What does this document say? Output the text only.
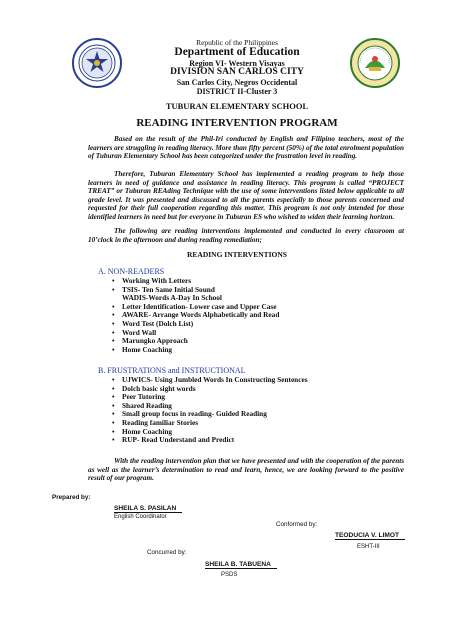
Republic of the Philippines
Department of Education
Region VI- Western Visayas
DIVISION SAN CARLOS CITY
San Carlos City, Negros Occidental
DISTRICT II-Cluster 3
TUBURAN ELEMENTARY SCHOOL
READING INTERVENTION PROGRAM
Based on the result of the Phil-Iri conducted by English and Filipino teachers, most of the learners are struggling in reading literacy. More than fifty percent (50%) of the total enrolment population of Tuburan Elementary School has been categorized under the frustration level in reading.
Therefore, Tuburan Elementary School has implemented a reading program to help those learners in need of guidance and assistance in reading literacy. This program is called “PROJECT TREAT” or Tuburan REAding Technique with the use of some interventions listed below applicable to all grade level. It was presented and discussed to all the parents especially to those parents concerned and requested for their full cooperation regarding this matter. This program is not only intended for those identified learners in need but for everyone in Tuburan ES who wished to widen their learning horizon.
The following are reading interventions implemented and conducted in every classroom at 10’clock in the afternoon and during reading remediation;
READING INTERVENTIONS
A. NON-READERS
• Working With Letters
• TSIS- Ten Same Initial Sound
WADIS-Words A-Day In School
• Letter Identification- Lower case and Upper Case
• AWARE- Arrange Words Alphabetically and Read
• Word Test (Dolch List)
• Word Wall
• Marungko Approach
• Home Coaching
B. FRUSTRATIONS and INSTRUCTIONAL
• UJWICS- Using Jumbled Words In Constructing Sentences
• Dolch basic sight words
• Peer Tutoring
• Shared Reading
• Small group focus in reading- Guided Reading
• Reading familiar Stories
• Home Coaching
• RUP- Read Understand and Predict
With the reading intervention plan that we have presented and with the cooperation of the parents as well as the learner’s determination to read and learn, hence, we are looking forward to the positive result of our program.
Prepared by:
SHEILA S. PASILAN
English Coordinator
Conformed by:
TEODUCIA V. LIMOT
ESHT-III
Concurred by:
SHEILA B. TABUENA
PSDS
